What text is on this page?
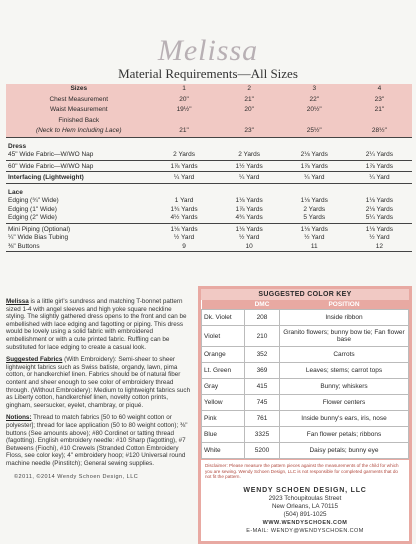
Melissa
Material Requirements—All Sizes
Sizes	1	2	3	4
Chest Measurement	20"	21"	22"	23"
Waist Measurement	19½"	20"	20½"	21"
Finished Back				
(Neck to Hem Including Lace)	21"	23"	25½"	28½"

Dress				
45" Wide Fabric—W/WO Nap	2 Yards	2 Yards	2⅛ Yards	2¼ Yards

60" Wide Fabric—W/WO Nap	1⅞ Yards	1½ Yards	1⅞ Yards	1⅞ Yards

Interfacing (Lightweight)	¼ Yard	¼ Yard	¼ Yard	¼ Yard

Lace				
Edging (¾" Wide)	1 Yard	1⅛ Yards	1⅛ Yards	1⅛ Yards
Edging (1" Wide)	1¾ Yards	1⅞ Yards	2 Yards	2⅛ Yards
Edging (2" Wide)	4½ Yards	4¾ Yards	5 Yards	5¼ Yards

Mini Piping (Optional)	1⅛ Yards	1⅛ Yards	1⅛ Yards	1⅛ Yards
¼" Wide Bias Tubing	½ Yard	½ Yard	½ Yard	½ Yard
⅜" Buttons	9	10	11	12

Melissa is a little girl's sundress and matching T-bonnet pattern sized 1-4 with angel sleeves and high yoke square neckline styling. The slightly gathered dress opens to the front and can be embellished with lace edging and fagotting or piping. This dress would be lovely using a solid fabric with embroidered embellishment or with a cute printed fabric. Ruffling can be substituted for lace edging to create a casual look.

Suggested Fabrics (With Embroidery): Semi-sheer to sheer lightweight fabrics such as Swiss batiste, organdy, lawn, pima cotton, or handkerchief linen. Fabrics should be of natural fiber content and sheer enough to see color of embroidery thread through. (Without Embroidery): Medium to lightweight fabrics such as Liberty cotton, handkerchief linen, novelty cotton prints, gingham, seersucker, eyelet, chambray, or piqué.

Notions: Thread to match fabrics [50 to 60 weight cotton or polyester]; thread for lace application (50 to 80 weight cotton); ⅜" buttons (See amounts above); #80 Cordinet or tatting thread (fagotting). English embroidery needle: #10 Sharp (fagotting), #7 Betweens (Fiochi), #10 Crewels (Stranded Cotton Embroidery Floss, see color key); 4" embroidery hoop; #120 Universal round machine needle (Pinstitch); General sewing supplies.

SUGGESTED COLOR KEY
	DMC	POSITION
Dk. Violet	208	Inside ribbon
Violet	210	Granito flowers; bunny bow tie; Fan flower base
Orange	352	Carrots
Lt. Green	369	Leaves; stems; carrot tops
Gray	415	Bunny; whiskers
Yellow	745	Flower centers
Pink	761	Inside bunny's ears, iris, nose
Blue	3325	Fan flower petals; ribbons
White	5200	Daisy petals; bunny eye
Disclaimer: Please measure the pattern pieces against the measurements of the child for which you are sewing. Wendy Schoen Design, LLC is not responsible for completed garments that do not fit the pattern.
WENDY SCHOEN DESIGN, LLC
2923 Tchoupitoulas Street
New Orleans, LA 70115
(504) 891-1025
WWW.WENDYSCHOEN.COM
E-MAIL: WENDY@WENDYSCHOEN.COM
©2011, ©2014 Wendy Schoen Design, LLC
